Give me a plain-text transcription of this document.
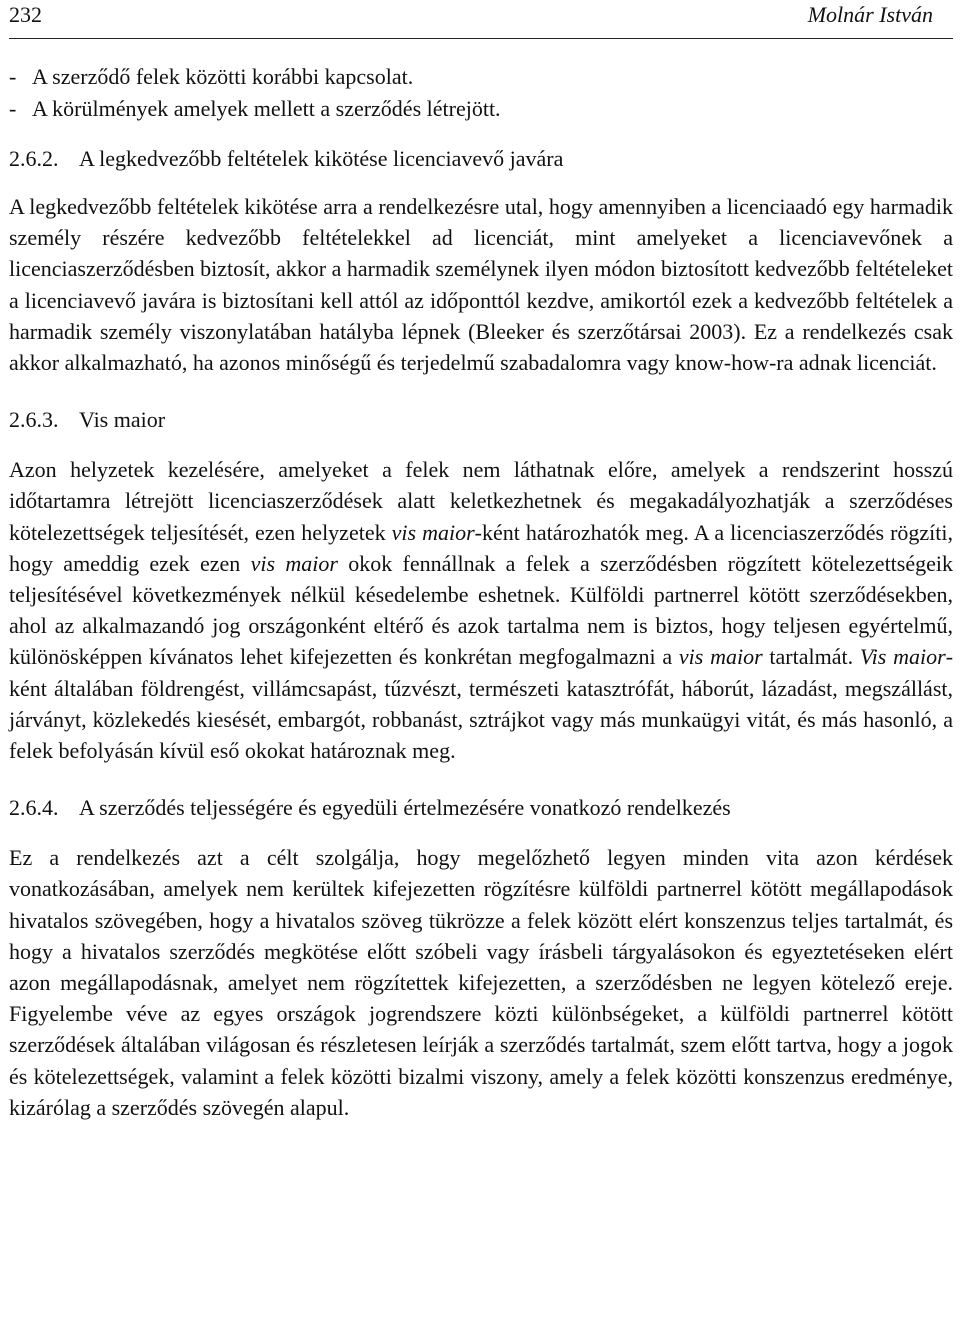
232	Molnár István
- A szerződő felek közötti korábbi kapcsolat.
- A körülmények amelyek mellett a szerződés létrejött.
2.6.2. A legkedvezőbb feltételek kikötése licenciavevő javára

A legkedvezőbb feltételek kikötése arra a rendelkezésre utal, hogy amennyiben a licenciaadó egy harmadik személy részére kedvezőbb feltételekkel ad licenciát, mint amelyeket a licenciavevőnek a licenciaszerződésben biztosít, akkor a harmadik személynek ilyen módon biztosított kedvezőbb feltételeket a licenciavevő javára is biztosítani kell attól az időponttól kezdve, amikortól ezek a kedvezőbb feltételek a harmadik személy viszonylatában hatályba lépnek (Bleeker és szerzőtársai 2003). Ez a rendelkezés csak akkor alkalmazható, ha azonos minőségű és terjedelmű szabadalomra vagy know-how-ra adnak licenciát.

2.6.3. Vis maior

Azon helyzetek kezelésére, amelyeket a felek nem láthatnak előre, amelyek a rendszerint hosszú időtartamra létrejött licenciaszerződések alatt keletkezhetnek és megakadályozhatják a szerződéses kötelezettségek teljesítését, ezen helyzetek vis maior-ként határozhatók meg. A a licenciaszerződés rögzíti, hogy ameddig ezek ezen vis maior okok fennállnak a felek a szerződésben rögzített kötelezettségeik teljesítésével következmények nélkül késedelembe eshetnek. Külföldi partnerrel kötött szerződésekben, ahol az alkalmazandó jog országonként eltérő és azok tartalma nem is biztos, hogy teljesen egyértelmű, különösképpen kívánatos lehet kifejezetten és konkrétan megfogalmazni a vis maior tartalmát. Vis maior-ként általában földrengést, villámcsapást, tűzvészt, természeti katasztrófát, háborút, lázadást, megszállást, járványt, közlekedés kiesését, embargót, robbanást, sztrájkot vagy más munkaügyi vitát, és más hasonló, a felek befolyásán kívül eső okokat határoznak meg.

2.6.4. A szerződés teljességére és egyedüli értelmezésére vonatkozó rendelkezés

Ez a rendelkezés azt a célt szolgálja, hogy megelőzhető legyen minden vita azon kérdések vonatkozásában, amelyek nem kerültek kifejezetten rögzítésre külföldi partnerrel kötött megállapodások hivatalos szövegében, hogy a hivatalos szöveg tükrözze a felek között elért konszenzus teljes tartalmát, és hogy a hivatalos szerződés megkötése előtt szóbeli vagy írásbeli tárgyalásokon és egyeztetéseken elért azon megállapodásnak, amelyet nem rögzítettek kifejezetten, a szerződésben ne legyen kötelező ereje. Figyelembe véve az egyes országok jogrendszere közti különbségeket, a külföldi partnerrel kötött szerződések általában világosan és részletesen leírják a szerződés tartalmát, szem előtt tartva, hogy a jogok és kötelezettségek, valamint a felek közötti bizalmi viszony, amely a felek közötti konszenzus eredménye, kizárólag a szerződés szövegén alapul.
